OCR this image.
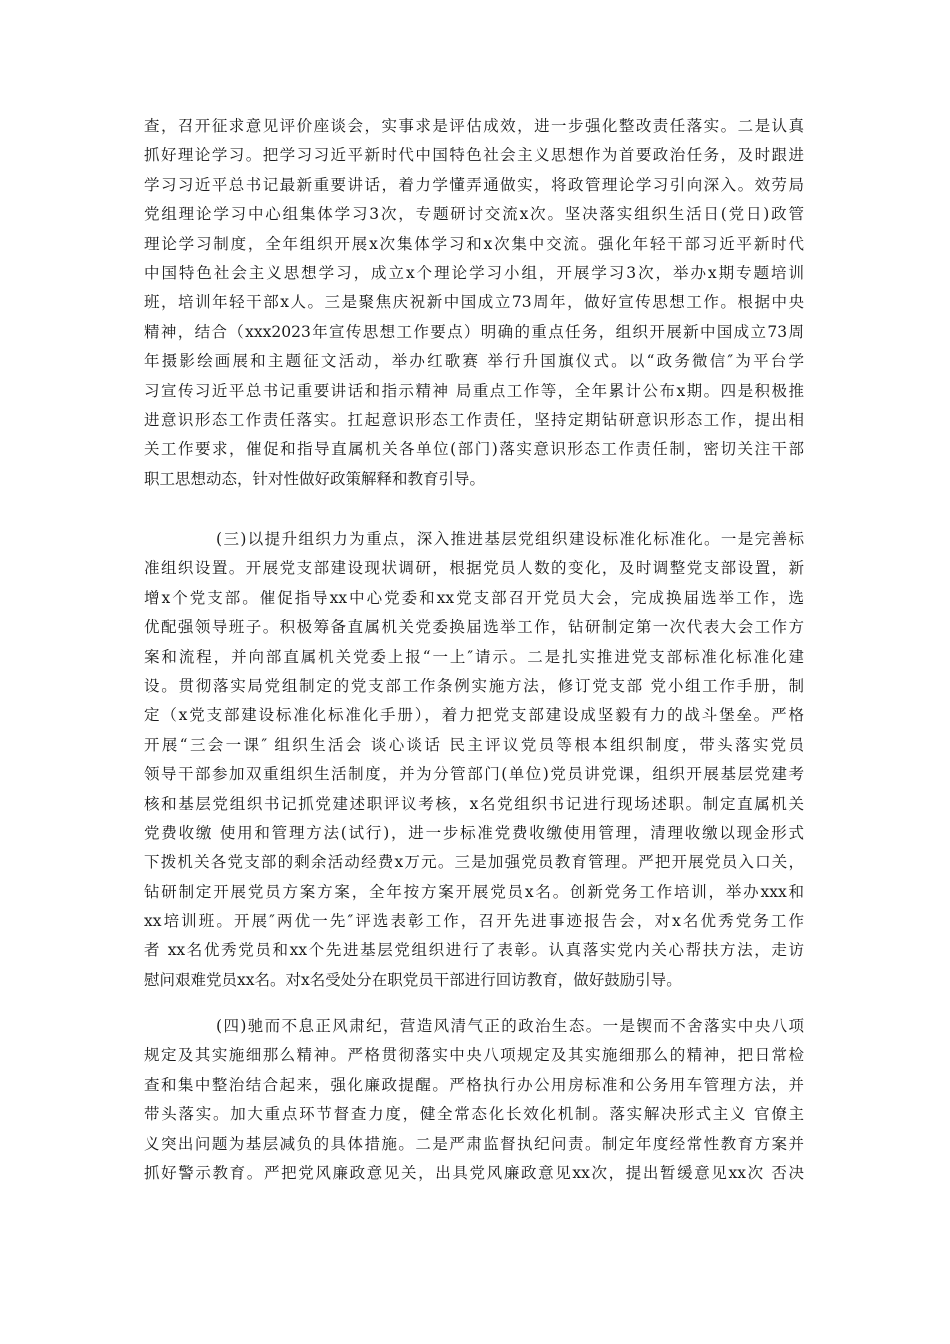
查，召开征求意见评价座谈会，实事求是评估成效，进一步强化整改责任落实。二是认真
抓好理论学习。把学习习近平新时代中国特色社会主义思想作为首要政治任务，及时跟进
学习习近平总书记最新重要讲话，着力学懂弄通做实，将政管理论学习引向深入。效劳局
党组理论学习中心组集体学习3次，专题研讨交流x次。坚决落实组织生活日(党日)政管
理论学习制度，全年组织开展x次集体学习和x次集中交流。强化年轻干部习近平新时代
中国特色社会主义思想学习，成立x个理论学习小组，开展学习3次，举办x期专题培训
班，培训年轻干部x人。三是聚焦庆祝新中国成立73周年，做好宣传思想工作。根据中央
精神，结合（xxx2023年宣传思想工作要点）明确的重点任务，组织开展新中国成立73周
年摄影绘画展和主题征文活动，举办红歌赛 举行升国旗仪式。以“政务微信″为平台学
习宣传习近平总书记重要讲话和指示精神 局重点工作等，全年累计公布x期。四是积极推
进意识形态工作责任落实。扛起意识形态工作责任，坚持定期钻研意识形态工作，提出相
关工作要求，催促和指导直属机关各单位(部门)落实意识形态工作责任制，密切关注干部
职工思想动态，针对性做好政策解释和教育引导。
(三)以提升组织力为重点，深入推进基层党组织建设标准化标准化。一是完善标
准组织设置。开展党支部建设现状调研，根据党员人数的变化，及时调整党支部设置，新
增x个党支部。催促指导xx中心党委和xx党支部召开党员大会，完成换届选举工作，选
优配强领导班子。积极筹备直属机关党委换届选举工作，钻研制定第一次代表大会工作方
案和流程，并向部直属机关党委上报“一上″请示。二是扎实推进党支部标准化标准化建
设。贯彻落实局党组制定的党支部工作条例实施方法，修订党支部 党小组工作手册，制
定（x党支部建设标准化标准化手册），着力把党支部建设成坚毅有力的战斗堡垒。严格
开展“三会一课″ 组织生活会 谈心谈话 民主评议党员等根本组织制度，带头落实党员
领导干部参加双重组织生活制度，并为分管部门(单位)党员讲党课，组织开展基层党建考
核和基层党组织书记抓党建述职评议考核，x名党组织书记进行现场述职。制定直属机关
党费收缴 使用和管理方法(试行)，进一步标准党费收缴使用管理，清理收缴以现金形式
下拨机关各党支部的剩余活动经费x万元。三是加强党员教育管理。严把开展党员入口关，
钻研制定开展党员方案方案，全年按方案开展党员x名。创新党务工作培训，举办xxx和
xx培训班。开展″两优一先″评选表彰工作，召开先进事迹报告会，对x名优秀党务工作
者 xx名优秀党员和xx个先进基层党组织进行了表彰。认真落实党内关心帮扶方法，走访
慰问艰难党员xx名。对x名受处分在职党员干部进行回访教育，做好鼓励引导。
(四)驰而不息正风肃纪，营造风清气正的政治生态。一是锲而不舍落实中央八项
规定及其实施细那么精神。严格贯彻落实中央八项规定及其实施细那么的精神，把日常检
查和集中整治结合起来，强化廉政提醒。严格执行办公用房标准和公务用车管理方法，并
带头落实。加大重点环节督查力度，健全常态化长效化机制。落实解决形式主义 官僚主
义突出问题为基层减负的具体措施。二是严肃监督执纪问责。制定年度经常性教育方案并
抓好警示教育。严把党风廉政意见关，出具党风廉政意见xx次，提出暂缓意见xx次 否决
